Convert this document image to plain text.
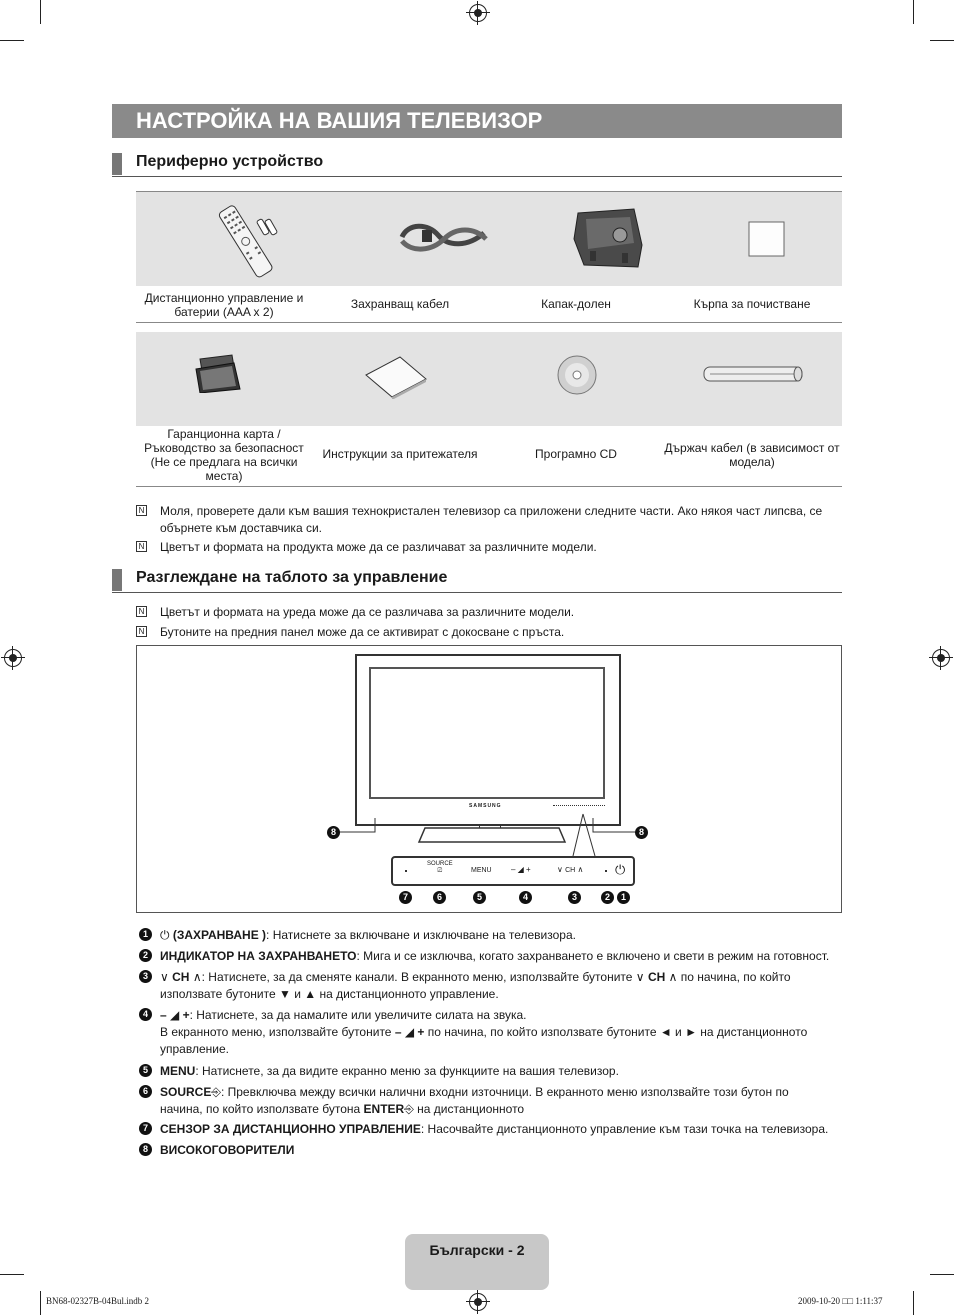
НАСТРОЙКА НА ВАШИЯ ТЕЛЕВИЗОР
Периферно устройство
Дистанционно управление и батерии (AAA x 2)
Захранващ кабел	Капак-долен	Кърпа за почистване
Гаранционна карта / Ръководство за безопасност (Не се предлага на всички места)
Инструкции за притежателя	Програмно CD	Държач кабел (в зависимост от модела)
N Моля, проверете дали към вашия технокристален телевизор са приложени следните части. Ако някоя част липсва, се обърнете към доставчика си.
N Цветът и формата на продукта може да се различават за различните модели.
Разглеждане на таблото за управление
N Цветът и формата на уреда може да се различава за различните модели.
N Бутоните на предния панел може да се активират с докосване с пръста.
SAMSUNG
8	8
SOURCE
⎚	MENU – ◢ +	∨ CH ∧ ⏻
7	6	5	4	3	2	1
1	⏻ (ЗАХРАНВАНЕ ): Натиснете за включване и изключване на телевизора.
2	ИНДИКАТОР НА ЗАХРАНВАНЕТО: Мига и се изключва, когато захранването е включено и свети в режим на готовност.
3	∨ CH ∧: Натиснете, за да сменяте канали. В екранното меню, използвайте бутоните ∨ CH ∧ по начина, по който
използвате бутоните ▼ и ▲ на дистанционното управление.
4	– ◢ +: Натиснете, за да намалите или увеличите силата на звука.
В екранното меню, използвайте бутоните – ◢ + по начина, по който използвате бутоните ◄ и ► на дистанционното
управление.
5	MENU: Натиснете, за да видите екранно меню за функциите на вашия телевизор.
6	SOURCE⎆: Превключва между всички налични входни източници. В екранното меню използвайте този бутон по
начина, по който използвате бутона ENTER⎆ на дистанционното
7	СЕНЗОР ЗА ДИСТАНЦИОННО УПРАВЛЕНИЕ: Насочвайте дистанционното управление към тази точка на телевизора.
8	ВИСОКОГОВОРИТЕЛИ
Български - 2
BN68-02327B-04Bul.indb 2	2009-10-20 □□ 1:11:37
